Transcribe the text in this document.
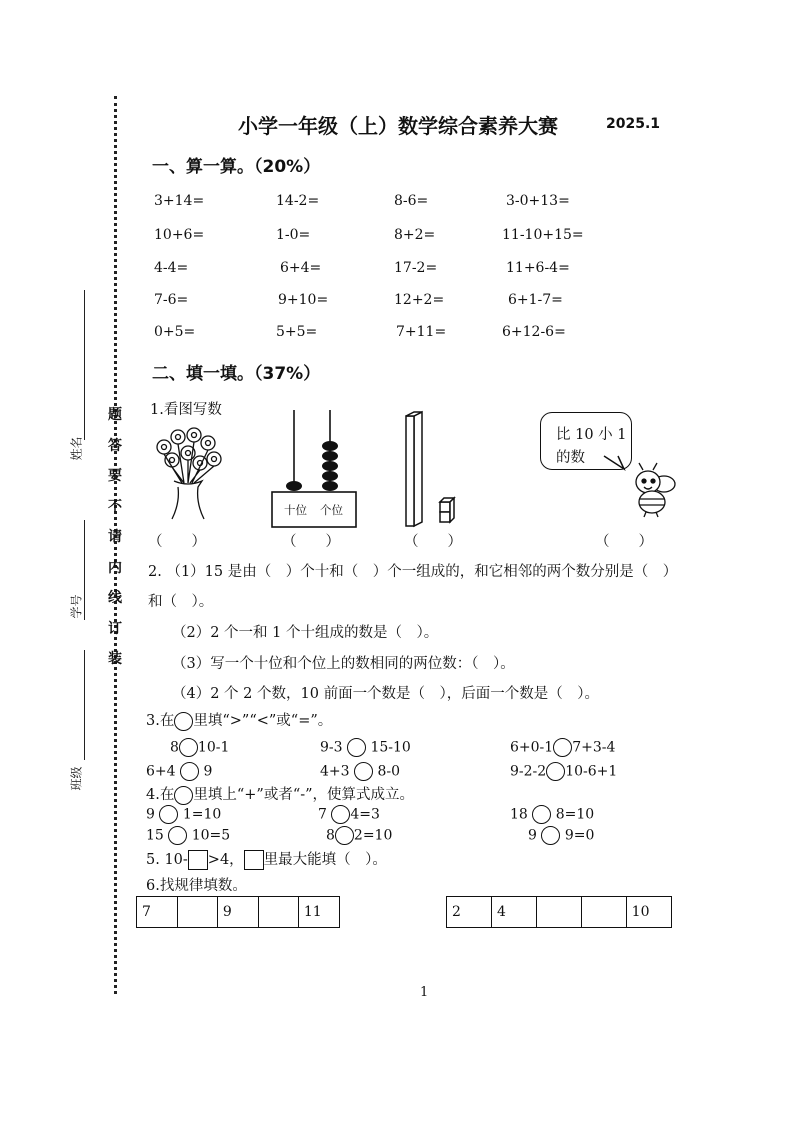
题
答
要
不
请
内
线
订
装
姓名
学号
班级
小学一年级（上）数学综合素养大赛	2025.1
一、算一算。（20%）
3+14=	14-2=	8-6=	3-0+13=
10+6=	1-0=	8+2=	11-10+15=
4-4=	6+4=	17-2=	11+6-4=
7-6=	9+10=	12+2=	6+1-7=
0+5=	5+5=	7+11=	6+12-6=
二、填一填。（37%）
1.看图写数
十位 个位
比 10 小 1
的数
（　　）	（　　）	（　　）	（　　）
2. （1）15 是由（　）个十和（　）个一组成的，和它相邻的两个数分别是（　）
和（　）。
（2）2 个一和 1 个十组成的数是（　）。
（3）写一个十位和个位上的数相同的两位数：（　）。
（4）2 个 2 个数，10 前面一个数是（　），后面一个数是（　）。
3.在 里填“>”“<”或“=”。
8 10-1	9-3 15-10	6+0-1 7+3-4
6+4 9	4+3 8-0	9-2-2 10-6+1
4.在 里填上“+”或者“-”，使算式成立。
9 1=10	7 4=3	18 8=10
15 10=5	8 2=10	9 9=0
5. 10- >4， 里最大能填（　）。
6.找规律填数。
7		9		11	2	4			10
1
